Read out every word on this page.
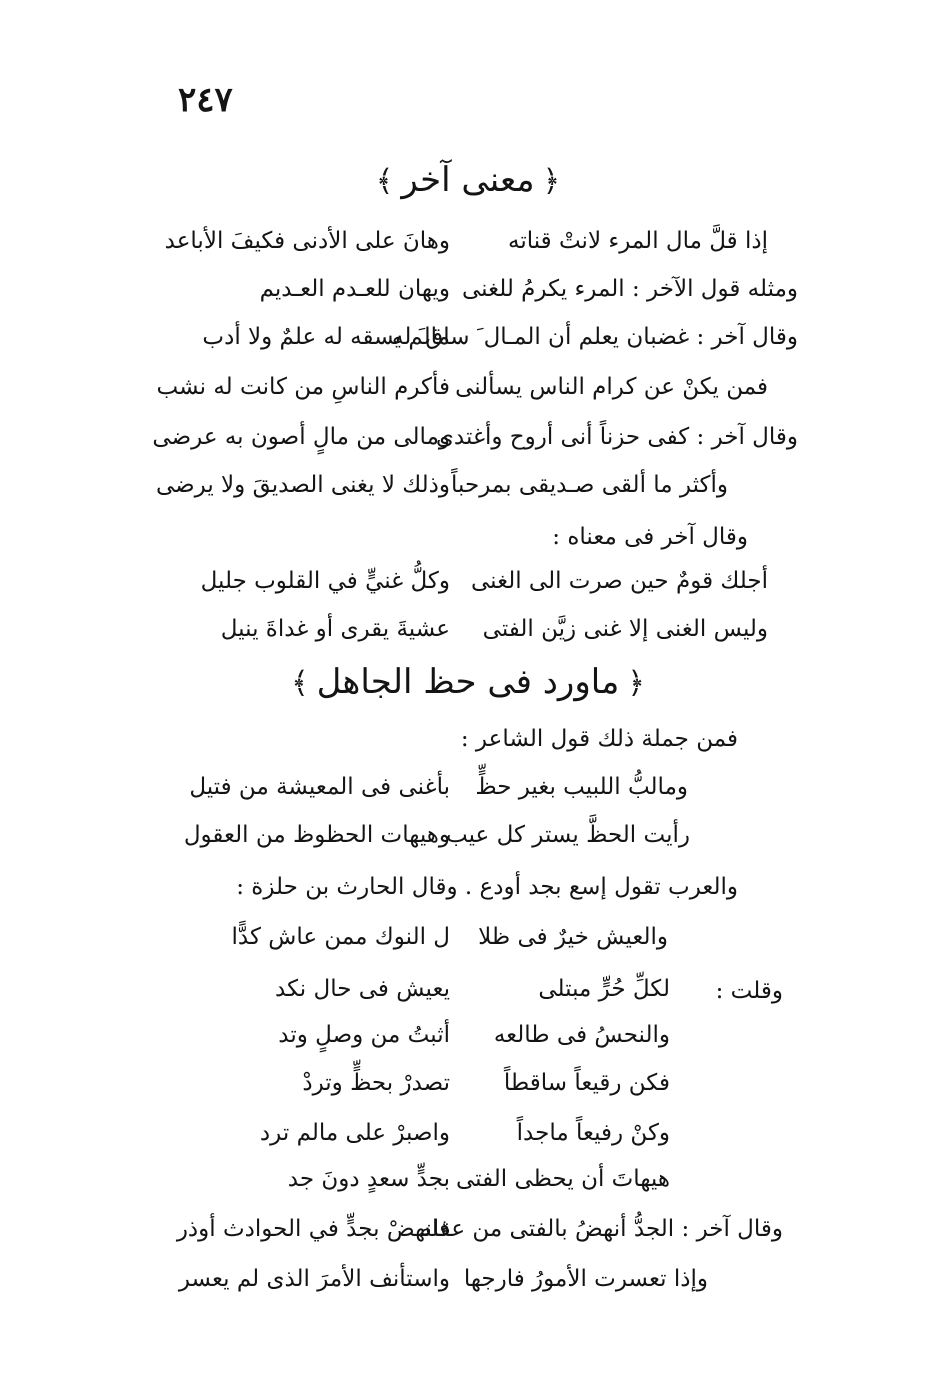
٢٤٧
﴿معنى آخر﴾
إذا قلَّ مال المرء لانتْ قناته
وهانَ على الأدنى فكيفَ الأباعد
ومثله قول الآخر : المرء يكرمُ للغنى
ويهان للعـدم العـديم
وقال آخر : غضبان يعلم أن المـال َ ساق َ له
مالم يسقه له علمٌ ولا أدب
فمن يكنْ عن كرام الناس يسألنى
فأكرم الناسِ من كانت له نشب
وقال آخر : كفى حزناً أنى أروح وأغتدى
ومالى من مالٍ أصون به عرضى
وأكثر ما ألقى صـديقى بمرحباً
وذلك لا يغنى الصديقَ ولا يرضى
وقال آخر فى معناه :
أجلك قومٌ حين صرت الى الغنى
وكلُّ غنيٍّ في القلوب جليل
وليس الغنى إلا غنى زيَّن الفتى
عشيةَ يقرى أو غداةَ ينيل
﴿ماورد فى حظ الجاهل﴾
فمن جملة ذلك قول الشاعر :
ومالبُّ اللبيب بغير حظٍّ
بأغنى فى المعيشة من فتيل
رأيت الحظَّ يستر كل عيب
وهيهات الحظوظ من العقول
والعرب تقول إسع بجد أودع . وقال الحارث بن حلزة :
والعيش خيرٌ فى ظلا
ل النوك ممن عاش كدًّا
وقلت :
لكلِّ حُرٍّ مبتلى
يعيش فى حال نكد
والنحسُ فى طالعه
أثبتُ من وصلٍ وتد
فكن رقيعاً ساقطاً
تصدرْ بحظٍّ وتردْ
وكنْ رفيعاً ماجداً
واصبرْ على مالم ترد
هيهاتَ أن يحظى الفتى
بجدٍّ سعدٍ دونَ جد
وقال آخر : الجدُّ أنهضُ بالفتى من عقله
فانهضْ بجدٍّ في الحوادث أوذر
وإذا تعسرت الأمورُ فارجها
واستأنف الأمرَ الذى لم يعسر
